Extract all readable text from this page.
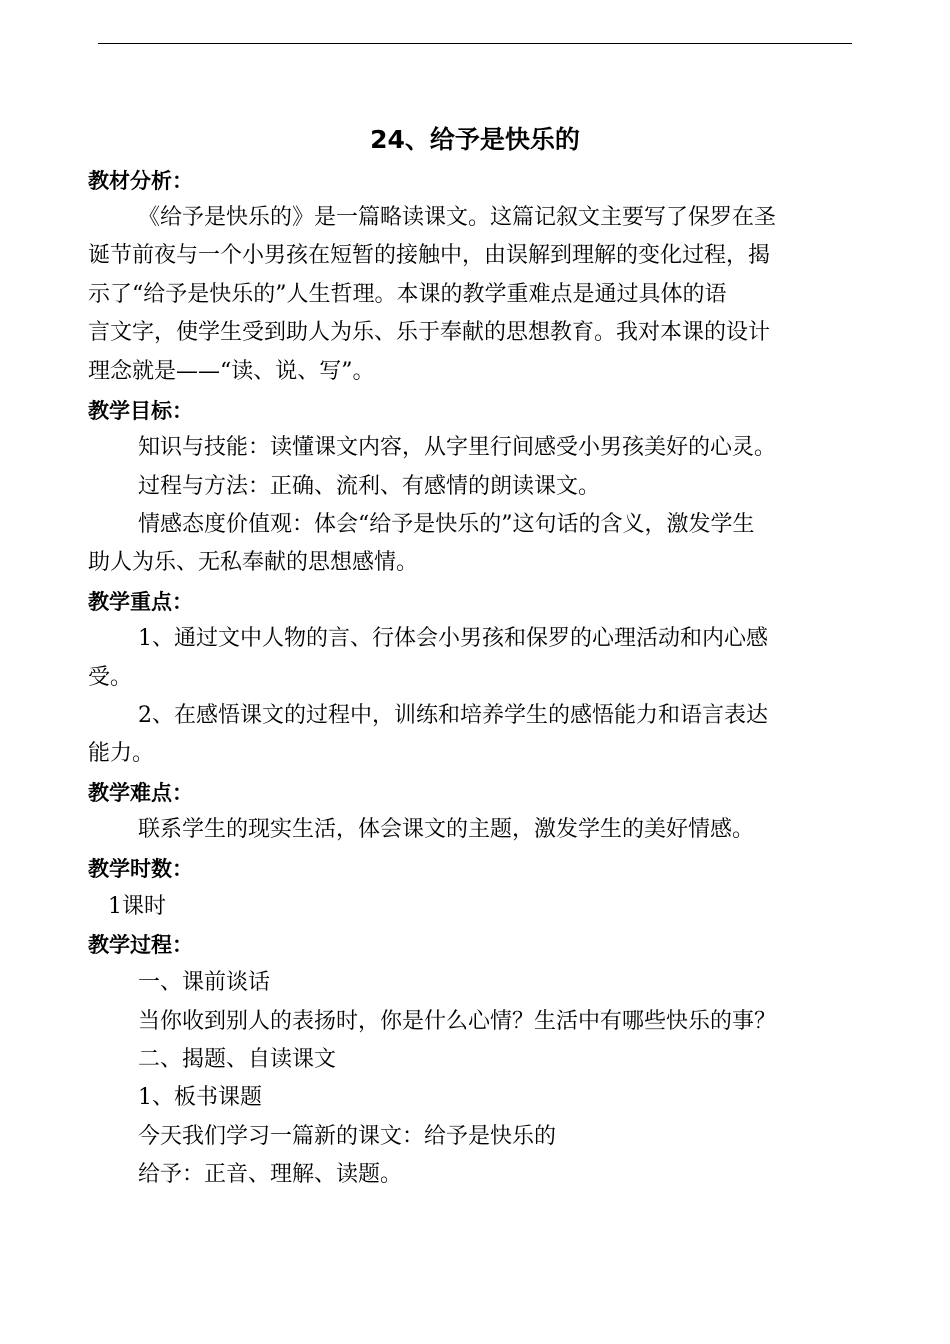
24、给予是快乐的
教材分析：
《给予是快乐的》是一篇略读课文。这篇记叙文主要写了保罗在圣
诞节前夜与一个小男孩在短暂的接触中，由误解到理解的变化过程，揭
示了“给予是快乐的”人生哲理。本课的教学重难点是通过具体的语
言文字，使学生受到助人为乐、乐于奉献的思想教育。我对本课的设计
理念就是——“读、说、写”。
教学目标：
知识与技能：读懂课文内容，从字里行间感受小男孩美好的心灵。
过程与方法：正确、流利、有感情的朗读课文。
情感态度价值观：体会“给予是快乐的”这句话的含义，激发学生
助人为乐、无私奉献的思想感情。
教学重点：
1、通过文中人物的言、行体会小男孩和保罗的心理活动和内心感
受。
2、在感悟课文的过程中，训练和培养学生的感悟能力和语言表达
能力。
教学难点：
联系学生的现实生活，体会课文的主题，激发学生的美好情感。
教学时数：
1课时
教学过程：
一、课前谈话
当你收到别人的表扬时，你是什么心情？生活中有哪些快乐的事？
二、揭题、自读课文
1、板书课题
今天我们学习一篇新的课文：给予是快乐的
给予：正音、理解、读题。
